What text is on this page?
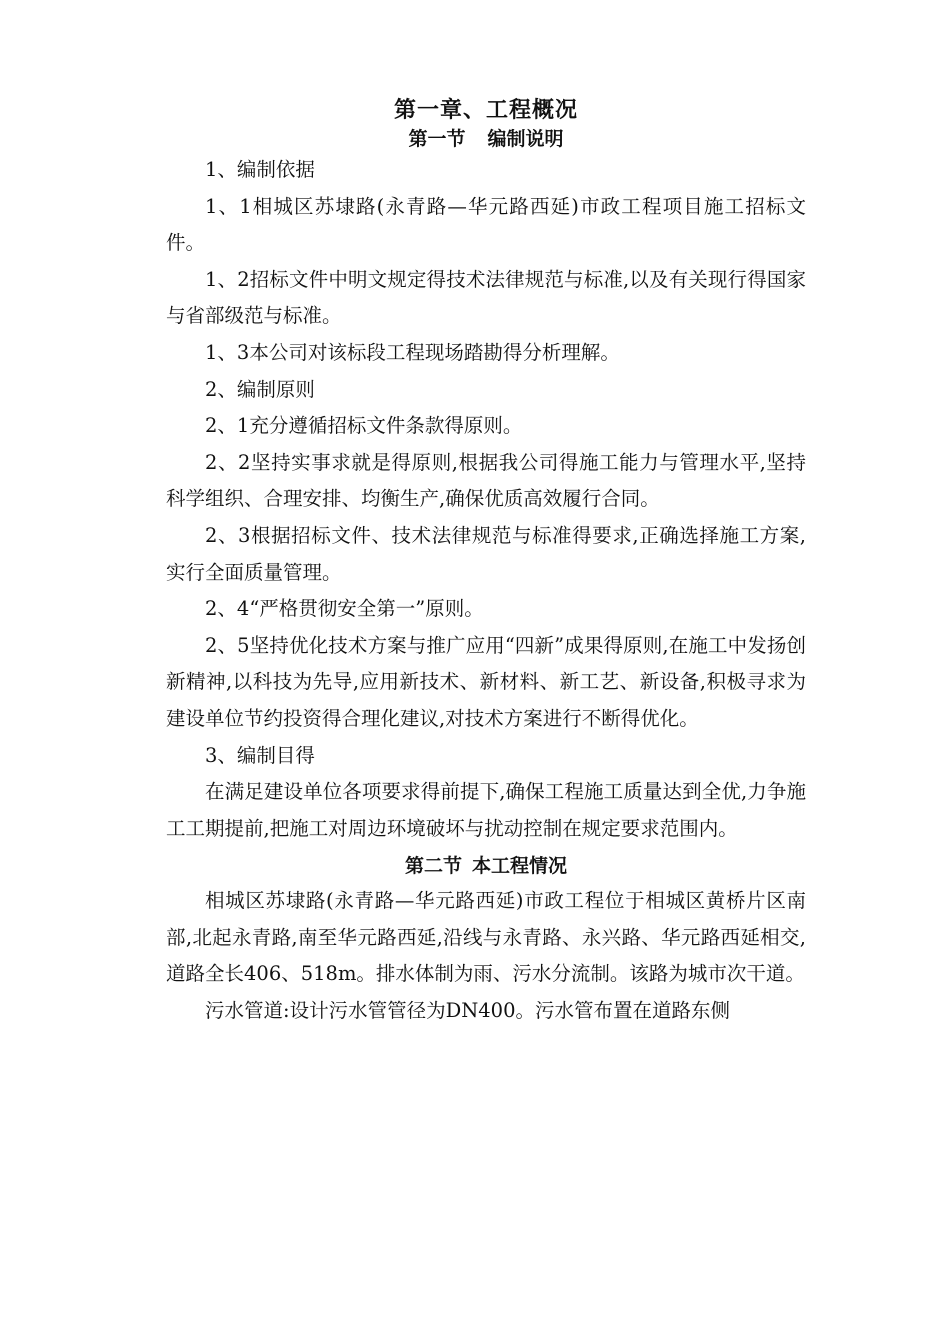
第一章、工程概况
第一节 编制说明

1、编制依据

1、1相城区苏埭路(永青路—华元路西延)市政工程项目施工招标文件。

1、2招标文件中明文规定得技术法律规范与标准,以及有关现行得国家与省部级范与标准。

1、3本公司对该标段工程现场踏勘得分析理解。

2、编制原则

2、1充分遵循招标文件条款得原则。

2、2坚持实事求就是得原则,根据我公司得施工能力与管理水平,坚持科学组织、合理安排、均衡生产,确保优质高效履行合同。

2、3根据招标文件、技术法律规范与标准得要求,正确选择施工方案,实行全面质量管理。

2、4“严格贯彻安全第一”原则。

2、5坚持优化技术方案与推广应用“四新”成果得原则,在施工中发扬创新精神,以科技为先导,应用新技术、新材料、新工艺、新设备,积极寻求为建设单位节约投资得合理化建议,对技术方案进行不断得优化。

3、编制目得

在满足建设单位各项要求得前提下,确保工程施工质量达到全优,力争施工工期提前,把施工对周边环境破坏与扰动控制在规定要求范围内。

第二节 本工程情况

相城区苏埭路(永青路—华元路西延)市政工程位于相城区黄桥片区南部,北起永青路,南至华元路西延,沿线与永青路、永兴路、华元路西延相交,道路全长406、518m。排水体制为雨、污水分流制。该路为城市次干道。

污水管道:设计污水管管径为DN400。污水管布置在道路东侧
